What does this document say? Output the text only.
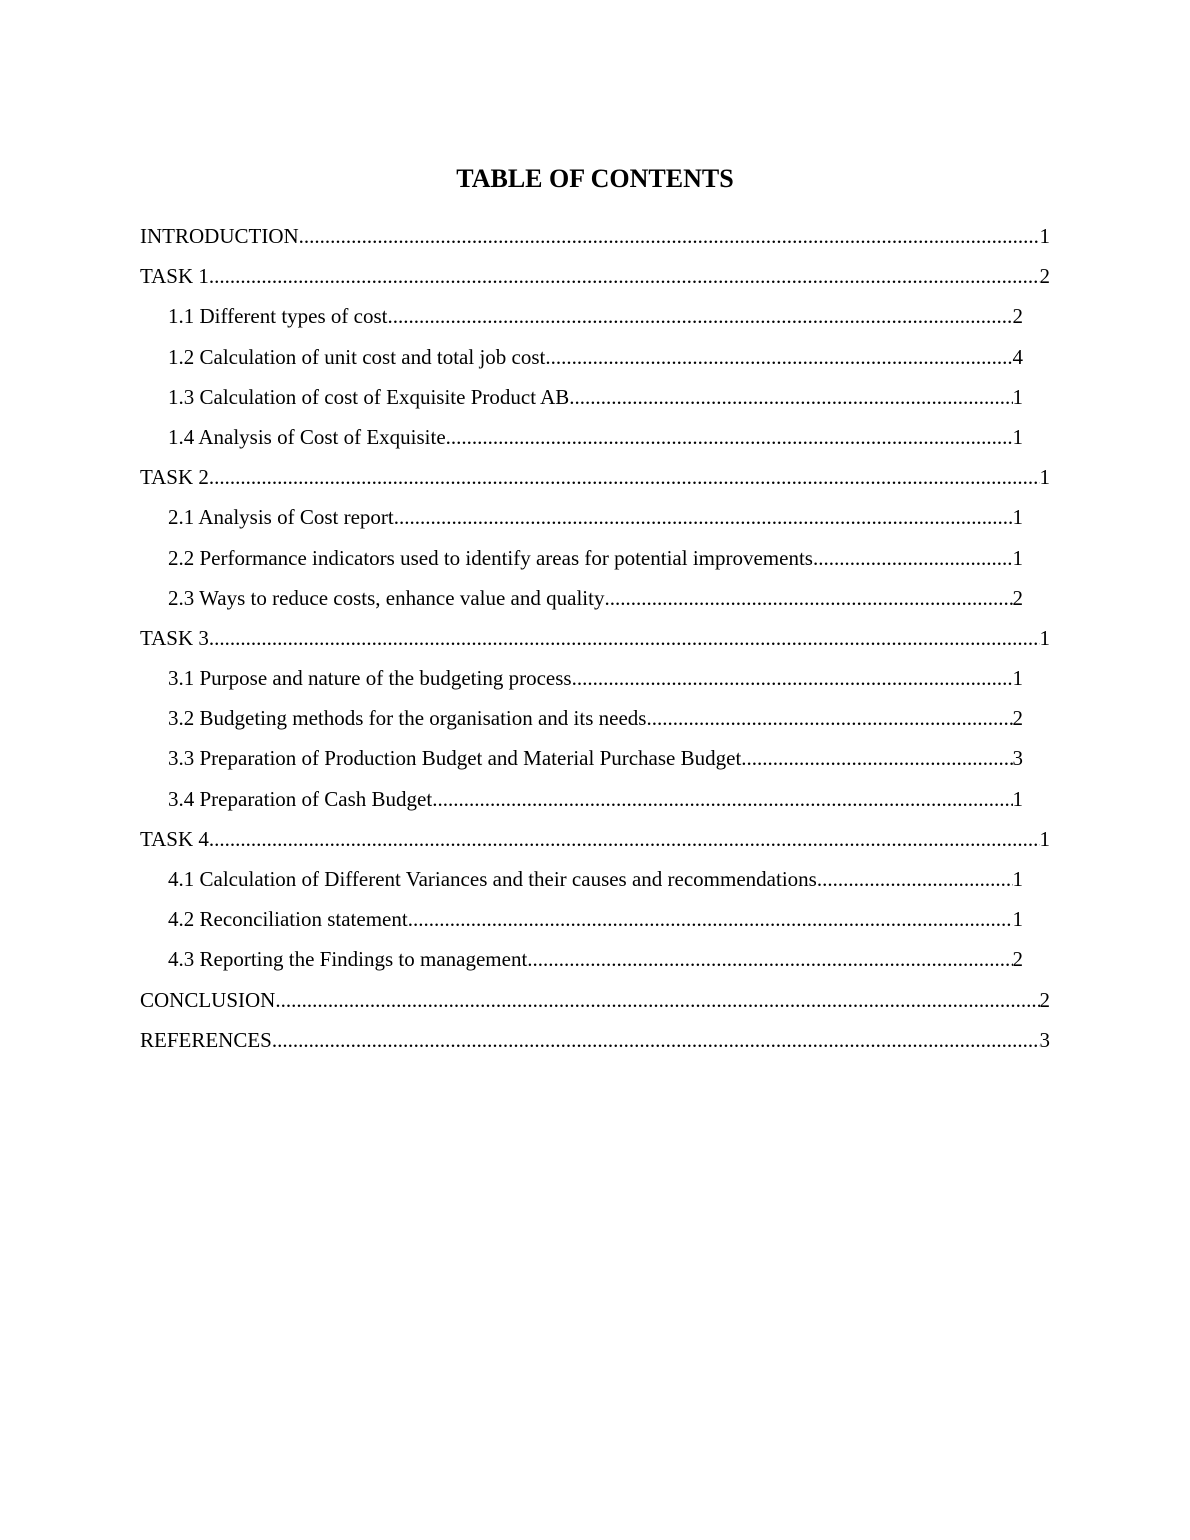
TABLE OF CONTENTS
INTRODUCTION .....	1
TASK 1 .....	2
1.1 Different types of cost .....	2
1.2 Calculation of unit cost and total job cost .....	4
1.3 Calculation of cost of Exquisite Product AB .....	1
1.4 Analysis of Cost of Exquisite .....	1
TASK 2 .....	1
2.1 Analysis of Cost report .....	1
2.2 Performance indicators used to identify areas for potential improvements .....	1
2.3 Ways to reduce costs, enhance value and quality .....	2
TASK 3 .....	1
3.1 Purpose and nature of the budgeting process .....	1
3.2 Budgeting methods for the organisation and its needs .....	2
3.3 Preparation of Production Budget and Material Purchase Budget .....	3
3.4 Preparation of Cash Budget .....	1
TASK 4 .....	1
4.1 Calculation of Different Variances and their causes and recommendations .....	1
4.2 Reconciliation statement .....	1
4.3 Reporting the Findings to management .....	2
CONCLUSION .....	2
REFERENCES .....	3
